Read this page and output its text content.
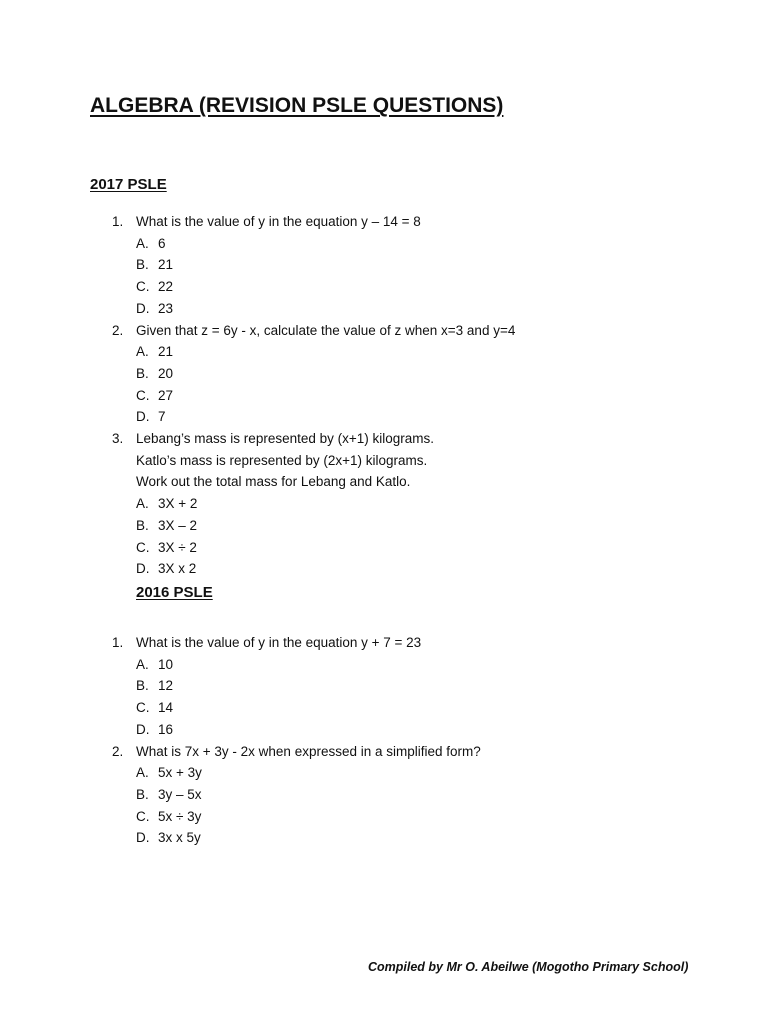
ALGEBRA (REVISION PSLE QUESTIONS)
2017 PSLE
1. What is the value of y in the equation y – 14 = 8
A. 6
B. 21
C. 22
D. 23
2. Given that z = 6y - x, calculate the value of z when x=3 and y=4
A. 21
B. 20
C. 27
D. 7
3. Lebang’s mass is represented by (x+1) kilograms.
Katlo’s mass is represented by (2x+1) kilograms.
Work out the total mass for Lebang and Katlo.
A. 3X + 2
B. 3X – 2
C. 3X ÷ 2
D. 3X x 2
2016 PSLE
1. What is the value of y in the equation y + 7 = 23
A. 10
B. 12
C. 14
D. 16
2. What is 7x + 3y - 2x when expressed in a simplified form?
A. 5x + 3y
B. 3y – 5x
C. 5x ÷ 3y
D. 3x x 5y
Compiled by Mr O. Abeilwe (Mogotho Primary School)
